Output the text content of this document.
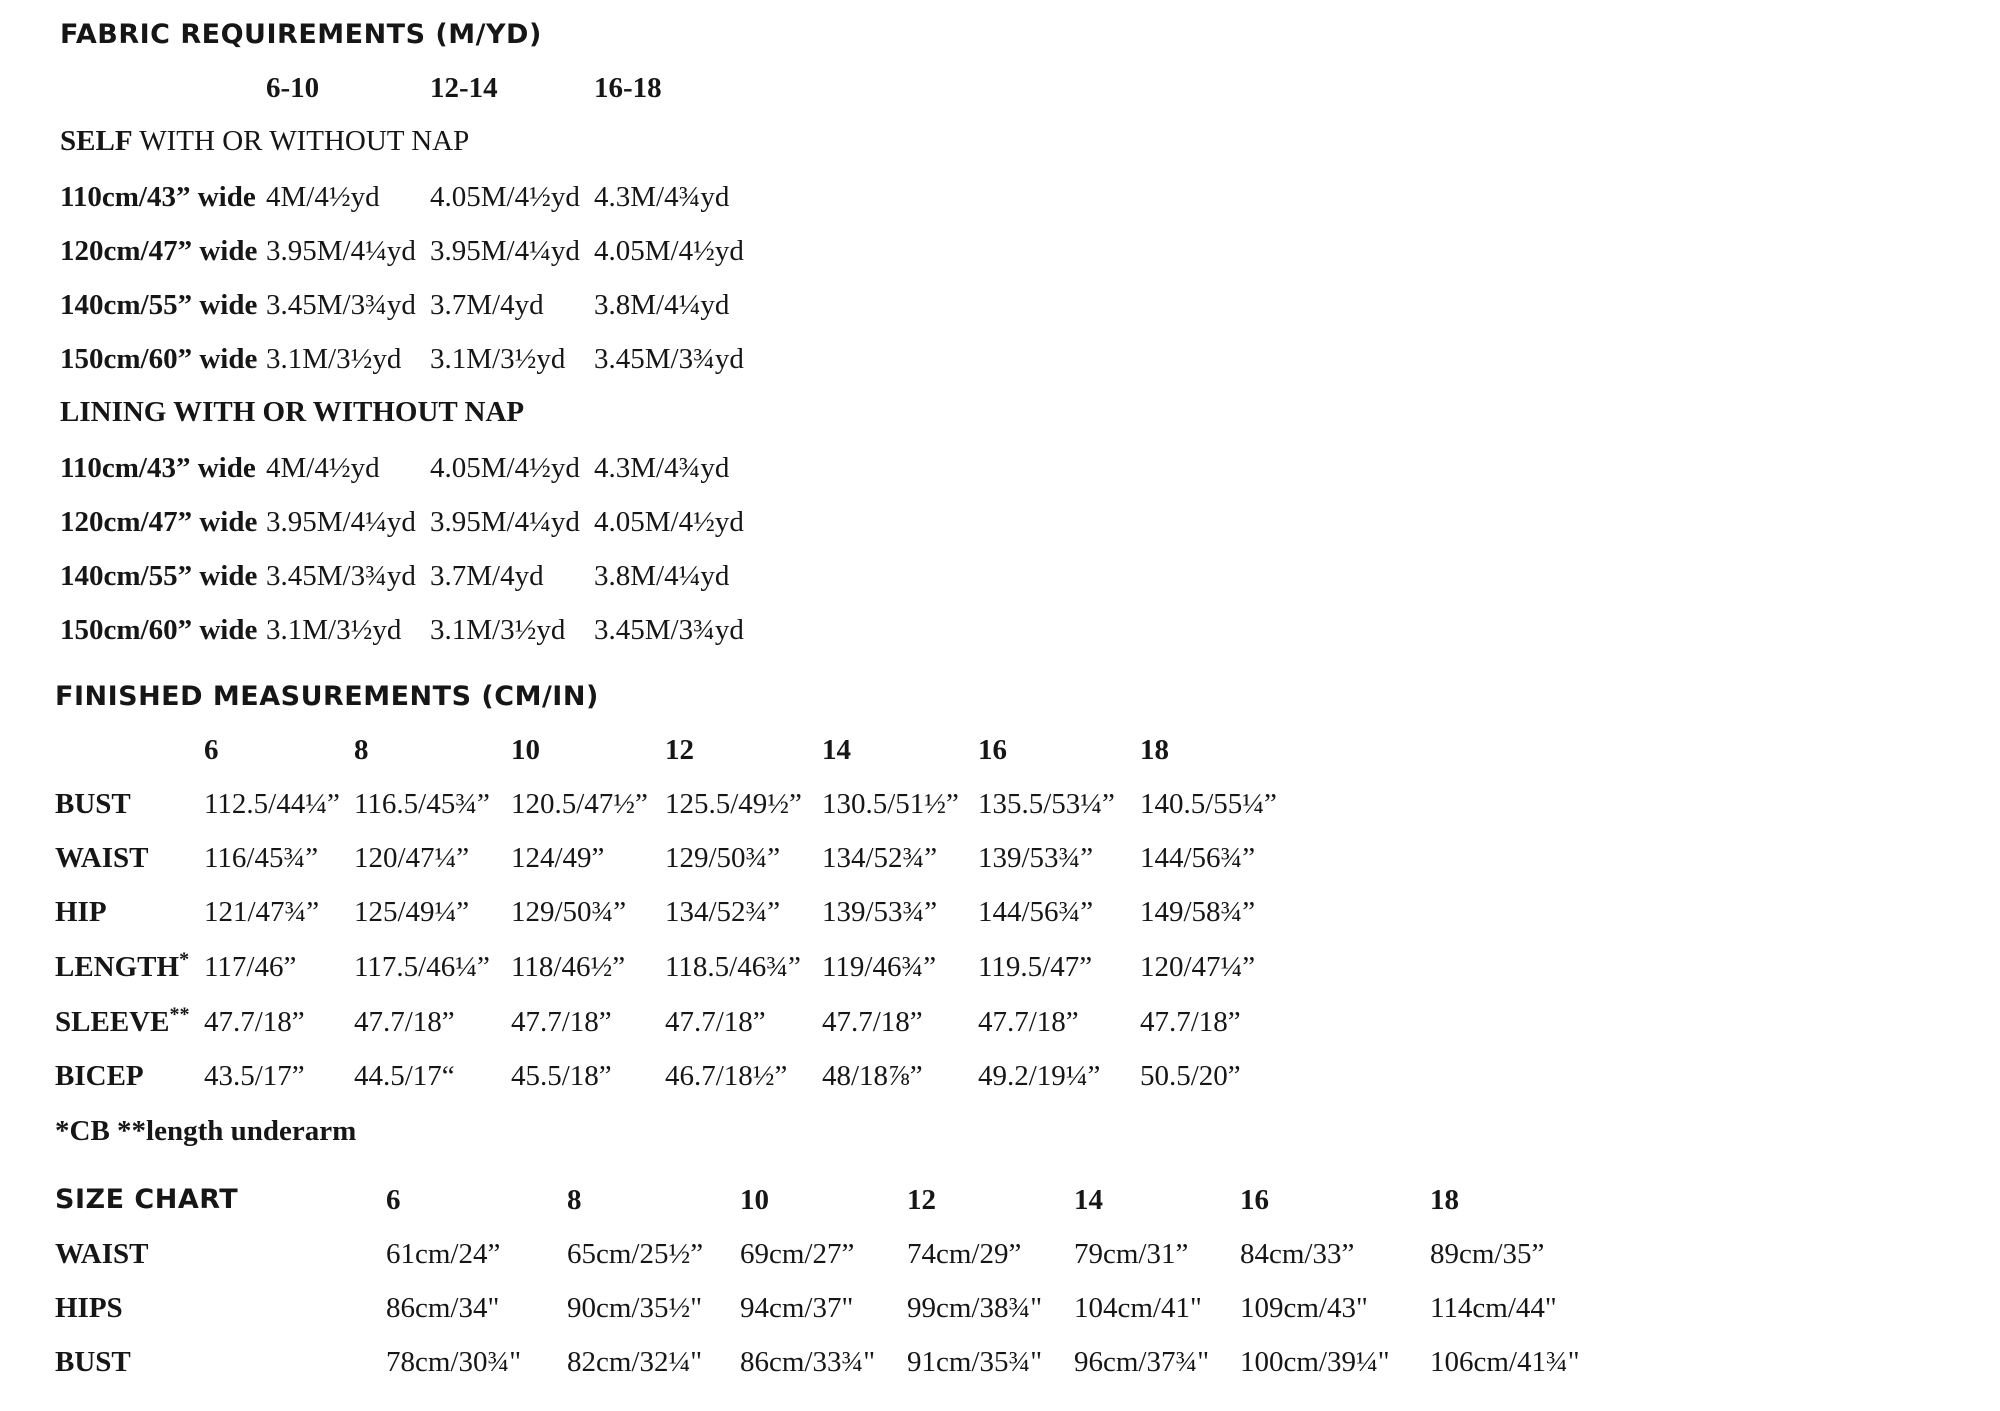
FABRIC REQUIREMENTS (M/YD)
6-10	12-14	16-18
SELF WITH OR WITHOUT NAP
110cm/43” wide 4M/4½yd 4.05M/4½yd 4.3M/4¾yd
120cm/47” wide 3.95M/4¼yd 3.95M/4¼yd 4.05M/4½yd
140cm/55” wide 3.45M/3¾yd 3.7M/4yd 3.8M/4¼yd
150cm/60” wide 3.1M/3½yd 3.1M/3½yd 3.45M/3¾yd
LINING WITH OR WITHOUT NAP
110cm/43” wide 4M/4½yd 4.05M/4½yd 4.3M/4¾yd
120cm/47” wide 3.95M/4¼yd 3.95M/4¼yd 4.05M/4½yd
140cm/55” wide 3.45M/3¾yd 3.7M/4yd 3.8M/4¼yd
150cm/60” wide 3.1M/3½yd 3.1M/3½yd 3.45M/3¾yd
FINISHED MEASUREMENTS (CM/IN)
6	8	10	12	14	16	18
BUST	112.5/44¼” 116.5/45¾” 120.5/47½” 125.5/49½” 130.5/51½” 135.5/53¼” 140.5/55¼”
WAIST 116/45¾” 120/47¼” 124/49” 129/50¾” 134/52¾” 139/53¾” 144/56¾”
HIP	121/47¾” 125/49¼” 129/50¾” 134/52¾” 139/53¾” 144/56¾” 149/58¾”
LENGTH* 117/46” 117.5/46¼” 118/46½” 118.5/46¾” 119/46¾” 119.5/47” 120/47¼”
SLEEVE** 47.7/18” 47.7/18” 47.7/18” 47.7/18” 47.7/18” 47.7/18” 47.7/18”
BICEP 43.5/17” 44.5/17“ 45.5/18” 46.7/18½” 48/18⅞” 49.2/19¼” 50.5/20”
*CB **length underarm
SIZE CHART	6	8	10	12	14	16	18
WAIST	61cm/24” 65cm/25½” 69cm/27” 74cm/29” 79cm/31” 84cm/33”	89cm/35”
HIPS	86cm/34" 90cm/35½" 94cm/37" 99cm/38¾" 104cm/41" 109cm/43" 114cm/44"
BUST	78cm/30¾" 82cm/32¼" 86cm/33¾" 91cm/35¾" 96cm/37¾" 100cm/39¼" 106cm/41¾"
